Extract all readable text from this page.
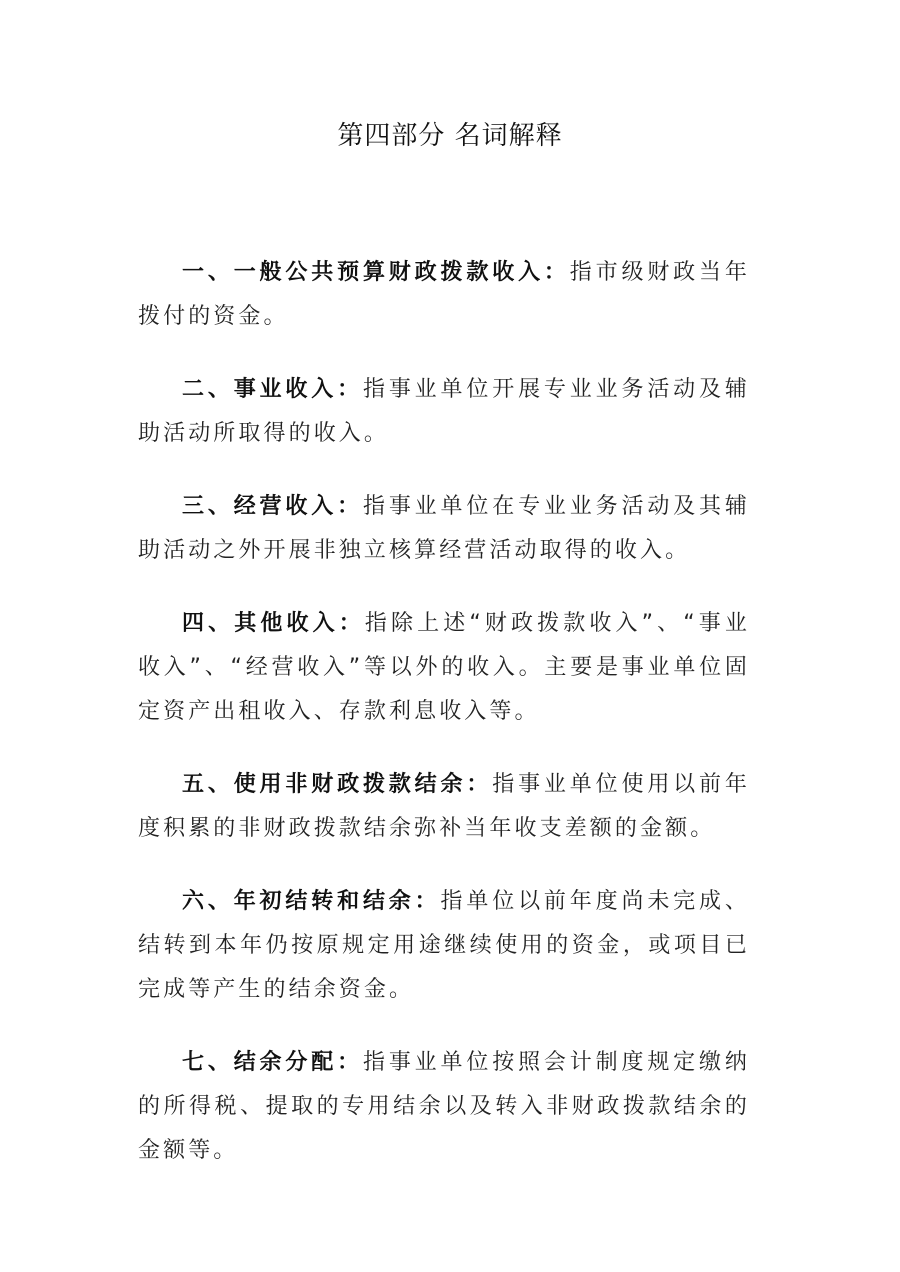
第四部分 名词解释

一、一般公共预算财政拨款收入：指市级财政当年拨付的资金。

二、事业收入：指事业单位开展专业业务活动及辅助活动所取得的收入。

三、经营收入：指事业单位在专业业务活动及其辅助活动之外开展非独立核算经营活动取得的收入。

四、其他收入：指除上述“财政拨款收入”、“事业收入”、“经营收入”等以外的收入。主要是事业单位固定资产出租收入、存款利息收入等。

五、使用非财政拨款结余：指事业单位使用以前年度积累的非财政拨款结余弥补当年收支差额的金额。

六、年初结转和结余：指单位以前年度尚未完成、结转到本年仍按原规定用途继续使用的资金，或项目已完成等产生的结余资金。

七、结余分配：指事业单位按照会计制度规定缴纳的所得税、提取的专用结余以及转入非财政拨款结余的金额等。
